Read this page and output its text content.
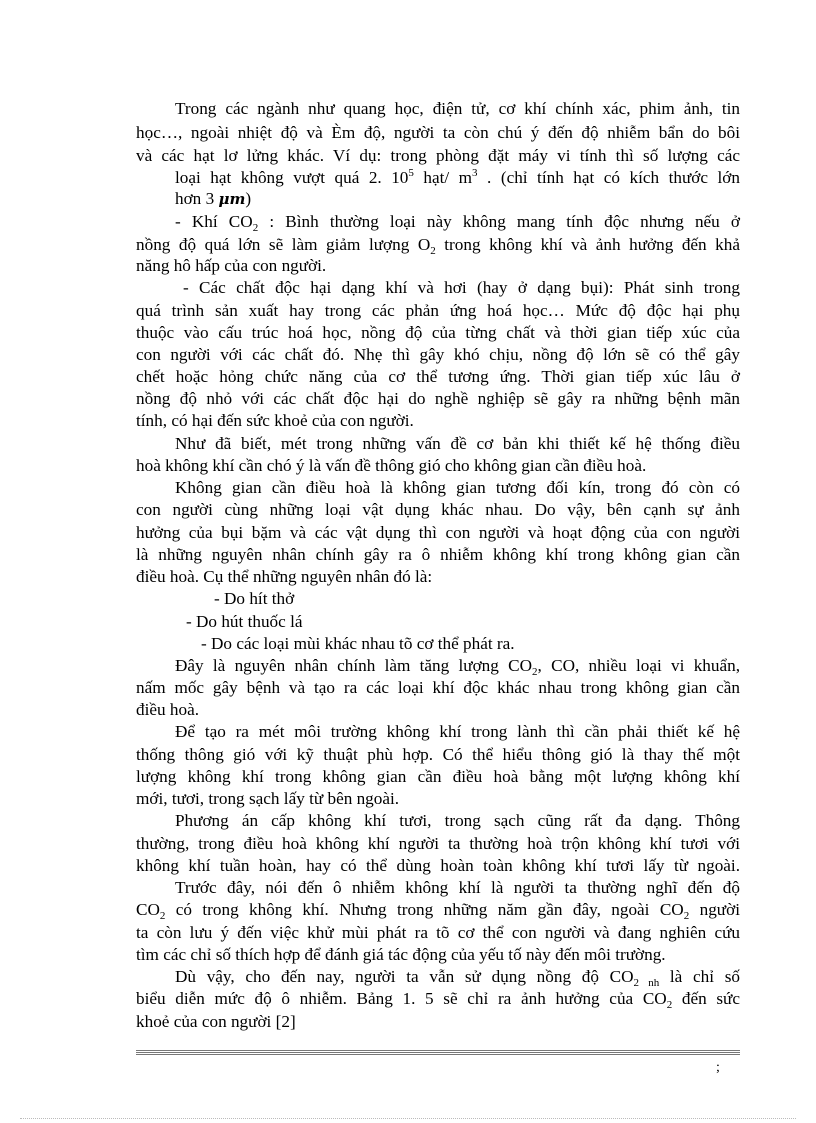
Trong các ngành như quang học, điện tử, cơ khí chính xác, phim ảnh, tin
học…, ngoài nhiệt độ và Èm độ, người ta còn chú ý đến độ nhiễm bẩn do bôi
và các hạt lơ lửng khác. Ví dụ: trong phòng đặt máy vi tính thì số lượng các
loại hạt không vượt quá 2. $10^5$ hạt/ $m^3$ . (chỉ tính hạt có kích thước lớn
hơn 3 μm)
- Khí $CO_2$ : Bình thường loại này không mang tính độc nhưng nếu ở
nồng độ quá lớn sẽ làm giảm lượng $O_2$ trong không khí và ảnh hưởng đến khả
năng hô hấp của con người.
- Các chất độc hại dạng khí và hơi (hay ở dạng bụi): Phát sinh trong
quá trình sản xuất hay trong các phản ứng hoá học… Mức độ độc hại phụ
thuộc vào cấu trúc hoá học, nồng độ của từng chất và thời gian tiếp xúc của
con người với các chất đó. Nhẹ thì gây khó chịu, nồng độ lớn sẽ có thể gây
chết hoặc hỏng chức năng của cơ thể tương ứng. Thời gian tiếp xúc lâu ở
nồng độ nhỏ với các chất độc hại do nghề nghiệp sẽ gây ra những bệnh mãn
tính, có hại đến sức khoẻ của con người.
Như đã biết, mét trong những vấn đề cơ bản khi thiết kế hệ thống điều
hoà không khí cần chó ý là vấn đề thông gió cho không gian cần điều hoà.
Không gian cần điều hoà là không gian tương đối kín, trong đó còn có
con người cùng những loại vật dụng khác nhau. Do vậy, bên cạnh sự ảnh
hưởng của bụi bặm và các vật dụng thì con người và hoạt động của con người
là những nguyên nhân chính gây ra ô nhiễm không khí trong không gian cần
điều hoà. Cụ thể những nguyên nhân đó là:
- Do hít thở
- Do hút thuốc lá
- Do các loại mùi khác nhau tõ cơ thể phát ra.
Đây là nguyên nhân chính làm tăng lượng $CO_2$, CO, nhiều loại vi khuẩn,
nấm mốc gây bệnh và tạo ra các loại khí độc khác nhau trong không gian cần
điều hoà.
Để tạo ra mét môi trường không khí trong lành thì cần phải thiết kế hệ
thống thông gió với kỹ thuật phù hợp. Có thể hiểu thông gió là thay thế một
lượng không khí trong không gian cần điều hoà bằng một lượng không khí
mới, tươi, trong sạch lấy từ bên ngoài.
Phương án cấp không khí tươi, trong sạch cũng rất đa dạng. Thông
thường, trong điều hoà không khí người ta thường hoà trộn không khí tươi với
không khí tuần hoàn, hay có thể dùng hoàn toàn không khí tươi lấy từ ngoài.
Trước đây, nói đến ô nhiễm không khí là người ta thường nghĩ đến độ
$CO_2$ có trong không khí. Nhưng trong những năm gần đây, ngoài $CO_2$ người
ta còn lưu ý đến việc khử mùi phát ra tõ cơ thể con người và đang nghiên cứu
tìm các chỉ số thích hợp để đánh giá tác động của yếu tố này đến môi trường.
Dù vậy, cho đến nay, người ta vẫn sử dụng nồng độ $CO_{2 nh}$ là chỉ số
biểu diễn mức độ ô nhiễm. Bảng 1. 5 sẽ chỉ ra ảnh hưởng của $CO_2$ đến sức
khoẻ của con người [2]
;
